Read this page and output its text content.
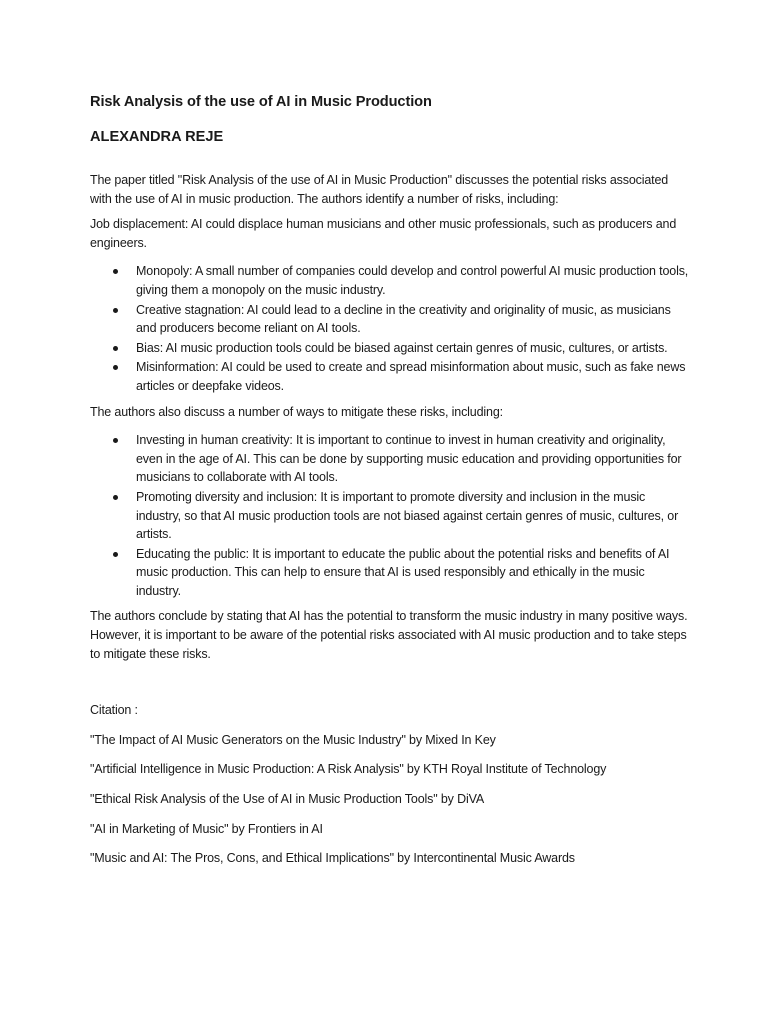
Risk Analysis of the use of AI in Music Production
ALEXANDRA REJE

The paper titled "Risk Analysis of the use of AI in Music Production" discusses the potential risks associated with the use of AI in music production. The authors identify a number of risks, including:

Job displacement: AI could displace human musicians and other music professionals, such as producers and engineers.

Monopoly: A small number of companies could develop and control powerful AI music production tools, giving them a monopoly on the music industry.
Creative stagnation: AI could lead to a decline in the creativity and originality of music, as musicians and producers become reliant on AI tools.
Bias: AI music production tools could be biased against certain genres of music, cultures, or artists.
Misinformation: AI could be used to create and spread misinformation about music, such as fake news articles or deepfake videos.

The authors also discuss a number of ways to mitigate these risks, including:

Investing in human creativity: It is important to continue to invest in human creativity and originality, even in the age of AI. This can be done by supporting music education and providing opportunities for musicians to collaborate with AI tools.
Promoting diversity and inclusion: It is important to promote diversity and inclusion in the music industry, so that AI music production tools are not biased against certain genres of music, cultures, or artists.
Educating the public: It is important to educate the public about the potential risks and benefits of AI music production. This can help to ensure that AI is used responsibly and ethically in the music industry.

The authors conclude by stating that AI has the potential to transform the music industry in many positive ways. However, it is important to be aware of the potential risks associated with AI music production and to take steps to mitigate these risks.

Citation :

"The Impact of AI Music Generators on the Music Industry" by Mixed In Key

"Artificial Intelligence in Music Production: A Risk Analysis" by KTH Royal Institute of Technology

"Ethical Risk Analysis of the Use of AI in Music Production Tools" by DiVA

"AI in Marketing of Music" by Frontiers in AI

"Music and AI: The Pros, Cons, and Ethical Implications" by Intercontinental Music Awards
